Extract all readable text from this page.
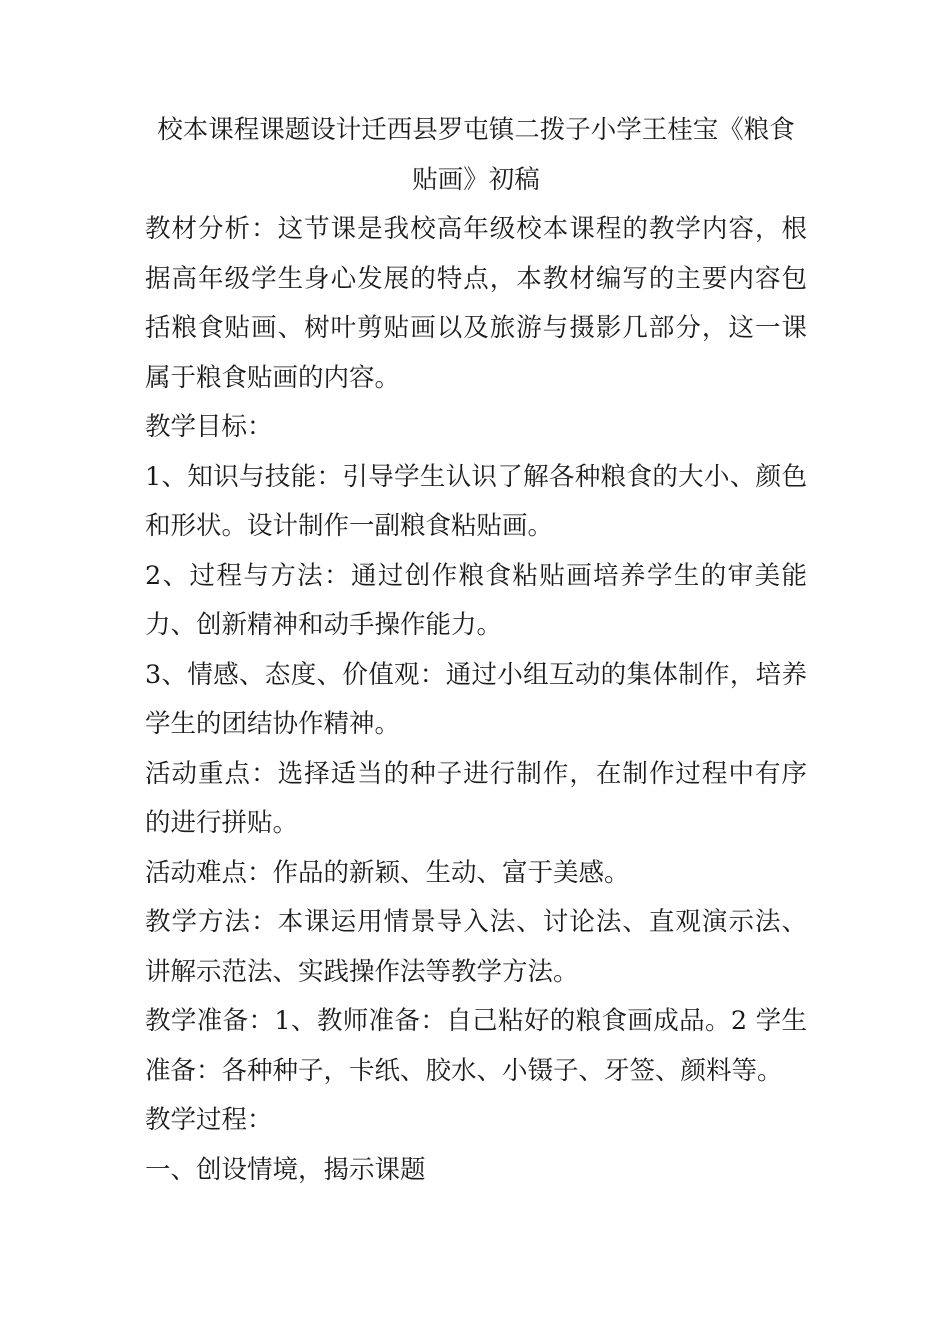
校本课程课题设计迁西县罗屯镇二拨子小学王桂宝《粮食贴画》初稿

教材分析：这节课是我校高年级校本课程的教学内容，根据高年级学生身心发展的特点，本教材编写的主要内容包括粮食贴画、树叶剪贴画以及旅游与摄影几部分，这一课属于粮食贴画的内容。

教学目标：

1、知识与技能：引导学生认识了解各种粮食的大小、颜色和形状。设计制作一副粮食粘贴画。

2、过程与方法：通过创作粮食粘贴画培养学生的审美能力、创新精神和动手操作能力。

3、情感、态度、价值观：通过小组互动的集体制作，培养学生的团结协作精神。

活动重点：选择适当的种子进行制作，在制作过程中有序的进行拼贴。

活动难点：作品的新颖、生动、富于美感。

教学方法：本课运用情景导入法、讨论法、直观演示法、讲解示范法、实践操作法等教学方法。

教学准备：1、教师准备：自己粘好的粮食画成品。2 学生准备：各种种子，卡纸、胶水、小镊子、牙签、颜料等。

教学过程：

一、创设情境，揭示课题
